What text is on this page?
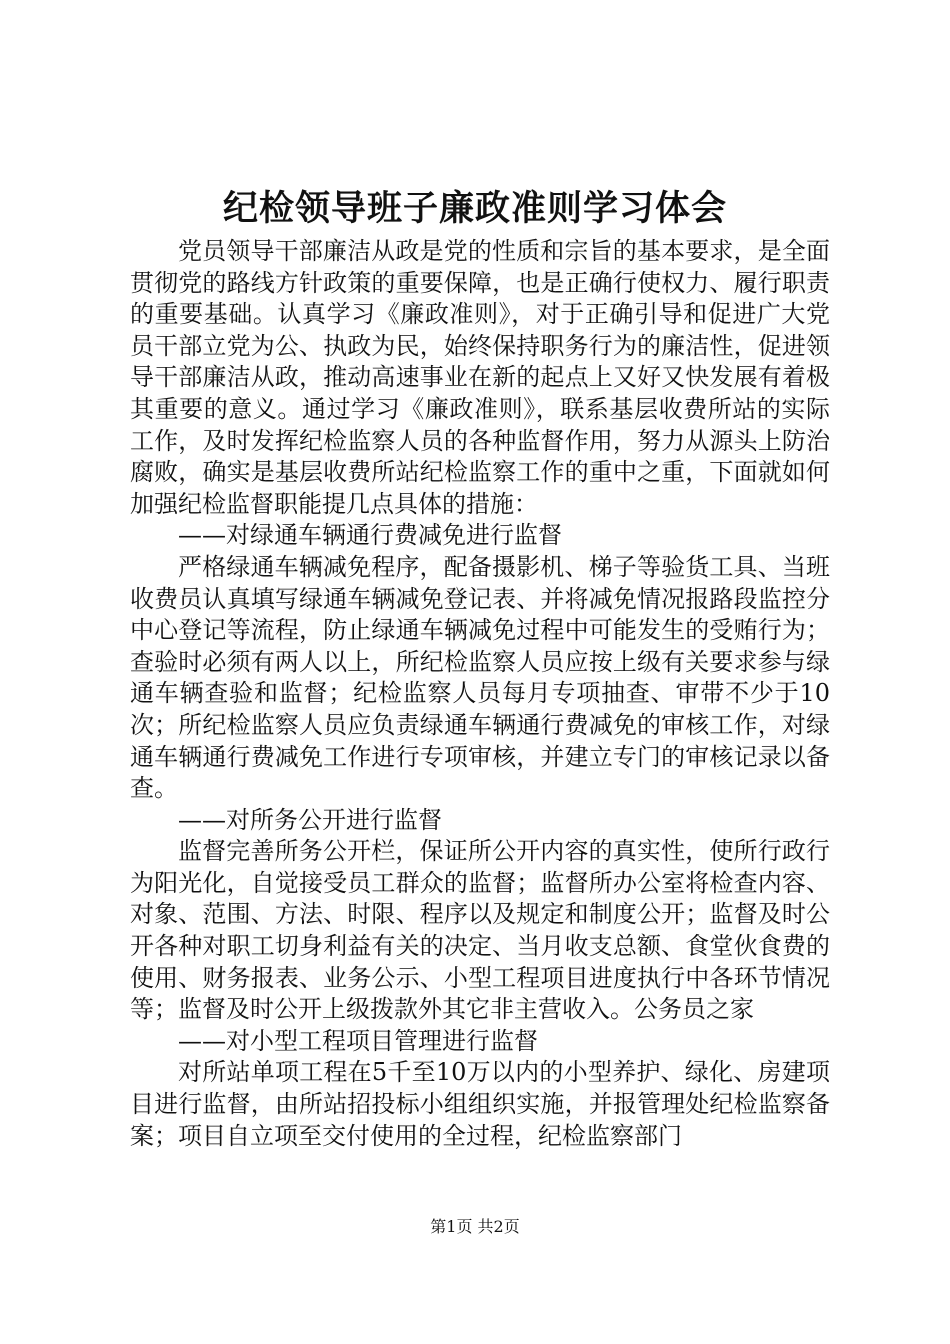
纪检领导班子廉政准则学习体会

党员领导干部廉洁从政是党的性质和宗旨的基本要求，是全面贯彻党的路线方针政策的重要保障，也是正确行使权力、履行职责的重要基础。认真学习《廉政准则》，对于正确引导和促进广大党员干部立党为公、执政为民，始终保持职务行为的廉洁性，促进领导干部廉洁从政，推动高速事业在新的起点上又好又快发展有着极其重要的意义。通过学习《廉政准则》，联系基层收费所站的实际工作，及时发挥纪检监察人员的各种监督作用，努力从源头上防治腐败，确实是基层收费所站纪检监察工作的重中之重，下面就如何加强纪检监督职能提几点具体的措施：

——对绿通车辆通行费减免进行监督

严格绿通车辆减免程序，配备摄影机、梯子等验货工具、当班收费员认真填写绿通车辆减免登记表、并将减免情况报路段监控分中心登记等流程，防止绿通车辆减免过程中可能发生的受贿行为；查验时必须有两人以上，所纪检监察人员应按上级有关要求参与绿通车辆查验和监督；纪检监察人员每月专项抽查、审带不少于10次；所纪检监察人员应负责绿通车辆通行费减免的审核工作，对绿通车辆通行费减免工作进行专项审核，并建立专门的审核记录以备查。

——对所务公开进行监督

监督完善所务公开栏，保证所公开内容的真实性，使所行政行为阳光化，自觉接受员工群众的监督；监督所办公室将检查内容、对象、范围、方法、时限、程序以及规定和制度公开；监督及时公开各种对职工切身利益有关的决定、当月收支总额、食堂伙食费的使用、财务报表、业务公示、小型工程项目进度执行中各环节情况等；监督及时公开上级拨款外其它非主营收入。公务员之家

——对小型工程项目管理进行监督

对所站单项工程在5千至10万以内的小型养护、绿化、房建项目进行监督，由所站招投标小组组织实施，并报管理处纪检监察备案；项目自立项至交付使用的全过程，纪检监察部门

第1页 共2页
